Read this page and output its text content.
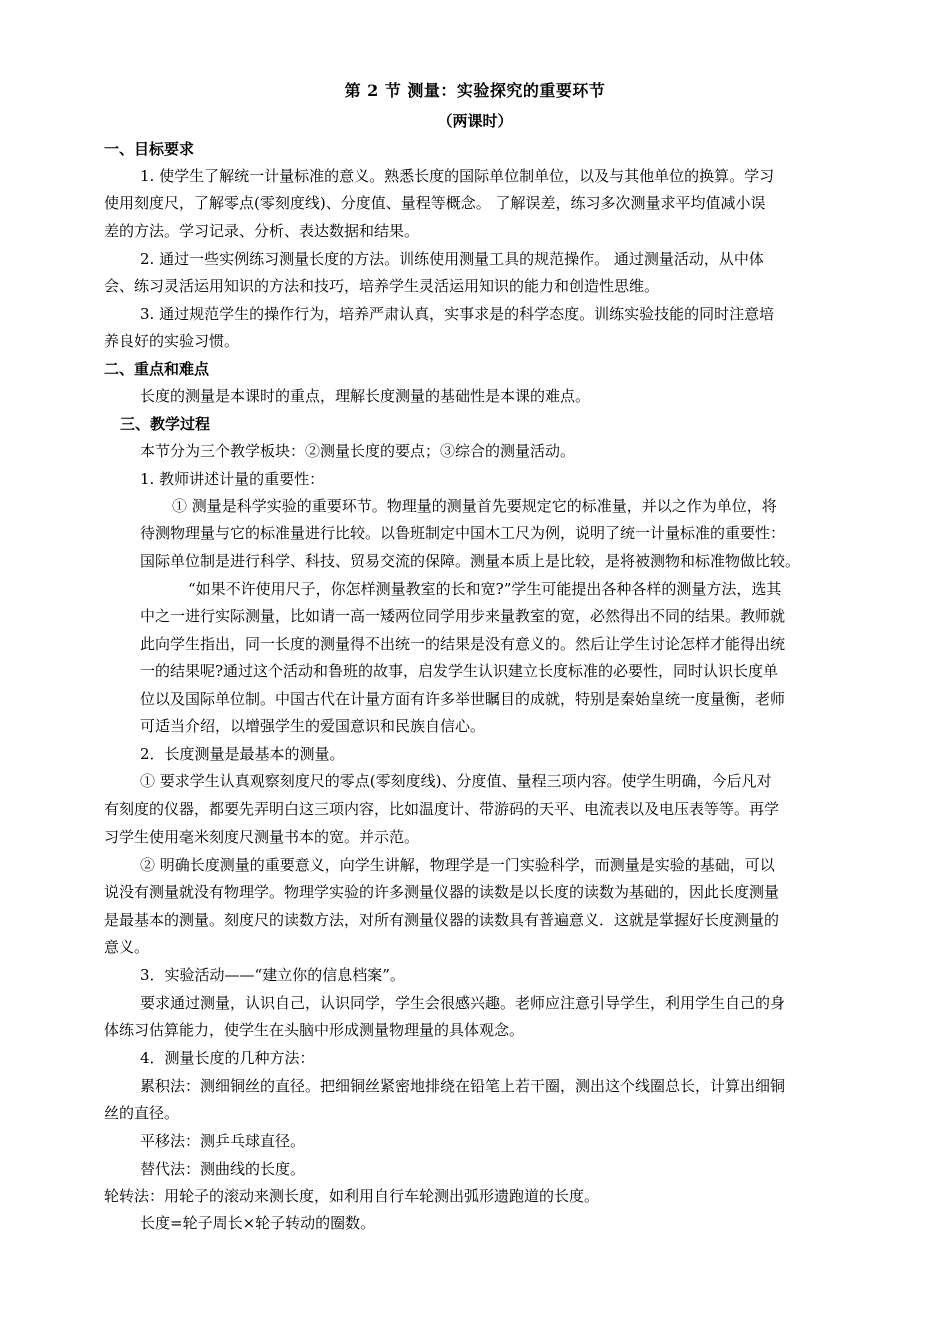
第 2 节 测量：实验探究的重要环节
（两课时）
一、目标要求
1. 使学生了解统一计量标准的意义。熟悉长度的国际单位制单位，以及与其他单位的换算。学习
使用刻度尺，了解零点(零刻度线)、分度值、量程等概念。 了解误差，练习多次测量求平均值减小误
差的方法。学习记录、分析、表达数据和结果。
2. 通过一些实例练习测量长度的方法。训练使用测量工具的规范操作。 通过测量活动，从中体
会、练习灵活运用知识的方法和技巧，培养学生灵活运用知识的能力和创造性思维。
3. 通过规范学生的操作行为，培养严肃认真，实事求是的科学态度。训练实验技能的同时注意培
养良好的实验习惯。
二、重点和难点
长度的测量是本课时的重点，理解长度测量的基础性是本课的难点。
三、教学过程
本节分为三个教学板块：②测量长度的要点；③综合的测量活动。
1. 教师讲述计量的重要性：
① 测量是科学实验的重要环节。物理量的测量首先要规定它的标准量，并以之作为单位，将
待测物理量与它的标准量进行比较。以鲁班制定中国木工尺为例，说明了统一计量标准的重要性：
国际单位制是进行科学、科技、贸易交流的保障。测量本质上是比较，是将被测物和标准物做比较。
“如果不许使用尺子，你怎样测量教室的长和宽?”学生可能提出各种各样的测量方法，选其
中之一进行实际测量，比如请一高一矮两位同学用步来量教室的宽，必然得出不同的结果。教师就
此向学生指出，同一长度的测量得不出统一的结果是没有意义的。然后让学生讨论怎样才能得出统
一的结果呢?通过这个活动和鲁班的故事，启发学生认识建立长度标准的必要性，同时认识长度单
位以及国际单位制。中国古代在计量方面有许多举世瞩目的成就，特别是秦始皇统一度量衡，老师
可适当介绍，以增强学生的爱国意识和民族自信心。
2．长度测量是最基本的测量。
① 要求学生认真观察刻度尺的零点(零刻度线)、分度值、量程三项内容。使学生明确，今后凡对
有刻度的仪器，都要先弄明白这三项内容，比如温度计、带游码的天平、电流表以及电压表等等。再学
习学生使用毫米刻度尺测量书本的宽。并示范。
② 明确长度测量的重要意义，向学生讲解，物理学是一门实验科学，而测量是实验的基础，可以
说没有测量就没有物理学。物理学实验的许多测量仪器的读数是以长度的读数为基础的，因此长度测量
是最基本的测量。刻度尺的读数方法，对所有测量仪器的读数具有普遍意义．这就是掌握好长度测量的
意义。
3．实验活动——“建立你的信息档案”。
要求通过测量，认识自己，认识同学，学生会很感兴趣。老师应注意引导学生，利用学生自己的身
体练习估算能力，使学生在头脑中形成测量物理量的具体观念。
4．测量长度的几种方法：
累积法：测细铜丝的直径。把细铜丝紧密地排绕在铅笔上若干圈，测出这个线圈总长，计算出细铜
丝的直径。
平移法：测乒乓球直径。
替代法：测曲线的长度。
轮转法：用轮子的滚动来测长度，如利用自行车轮测出弧形遗跑道的长度。
长度=轮子周长×轮子转动的圈数。
